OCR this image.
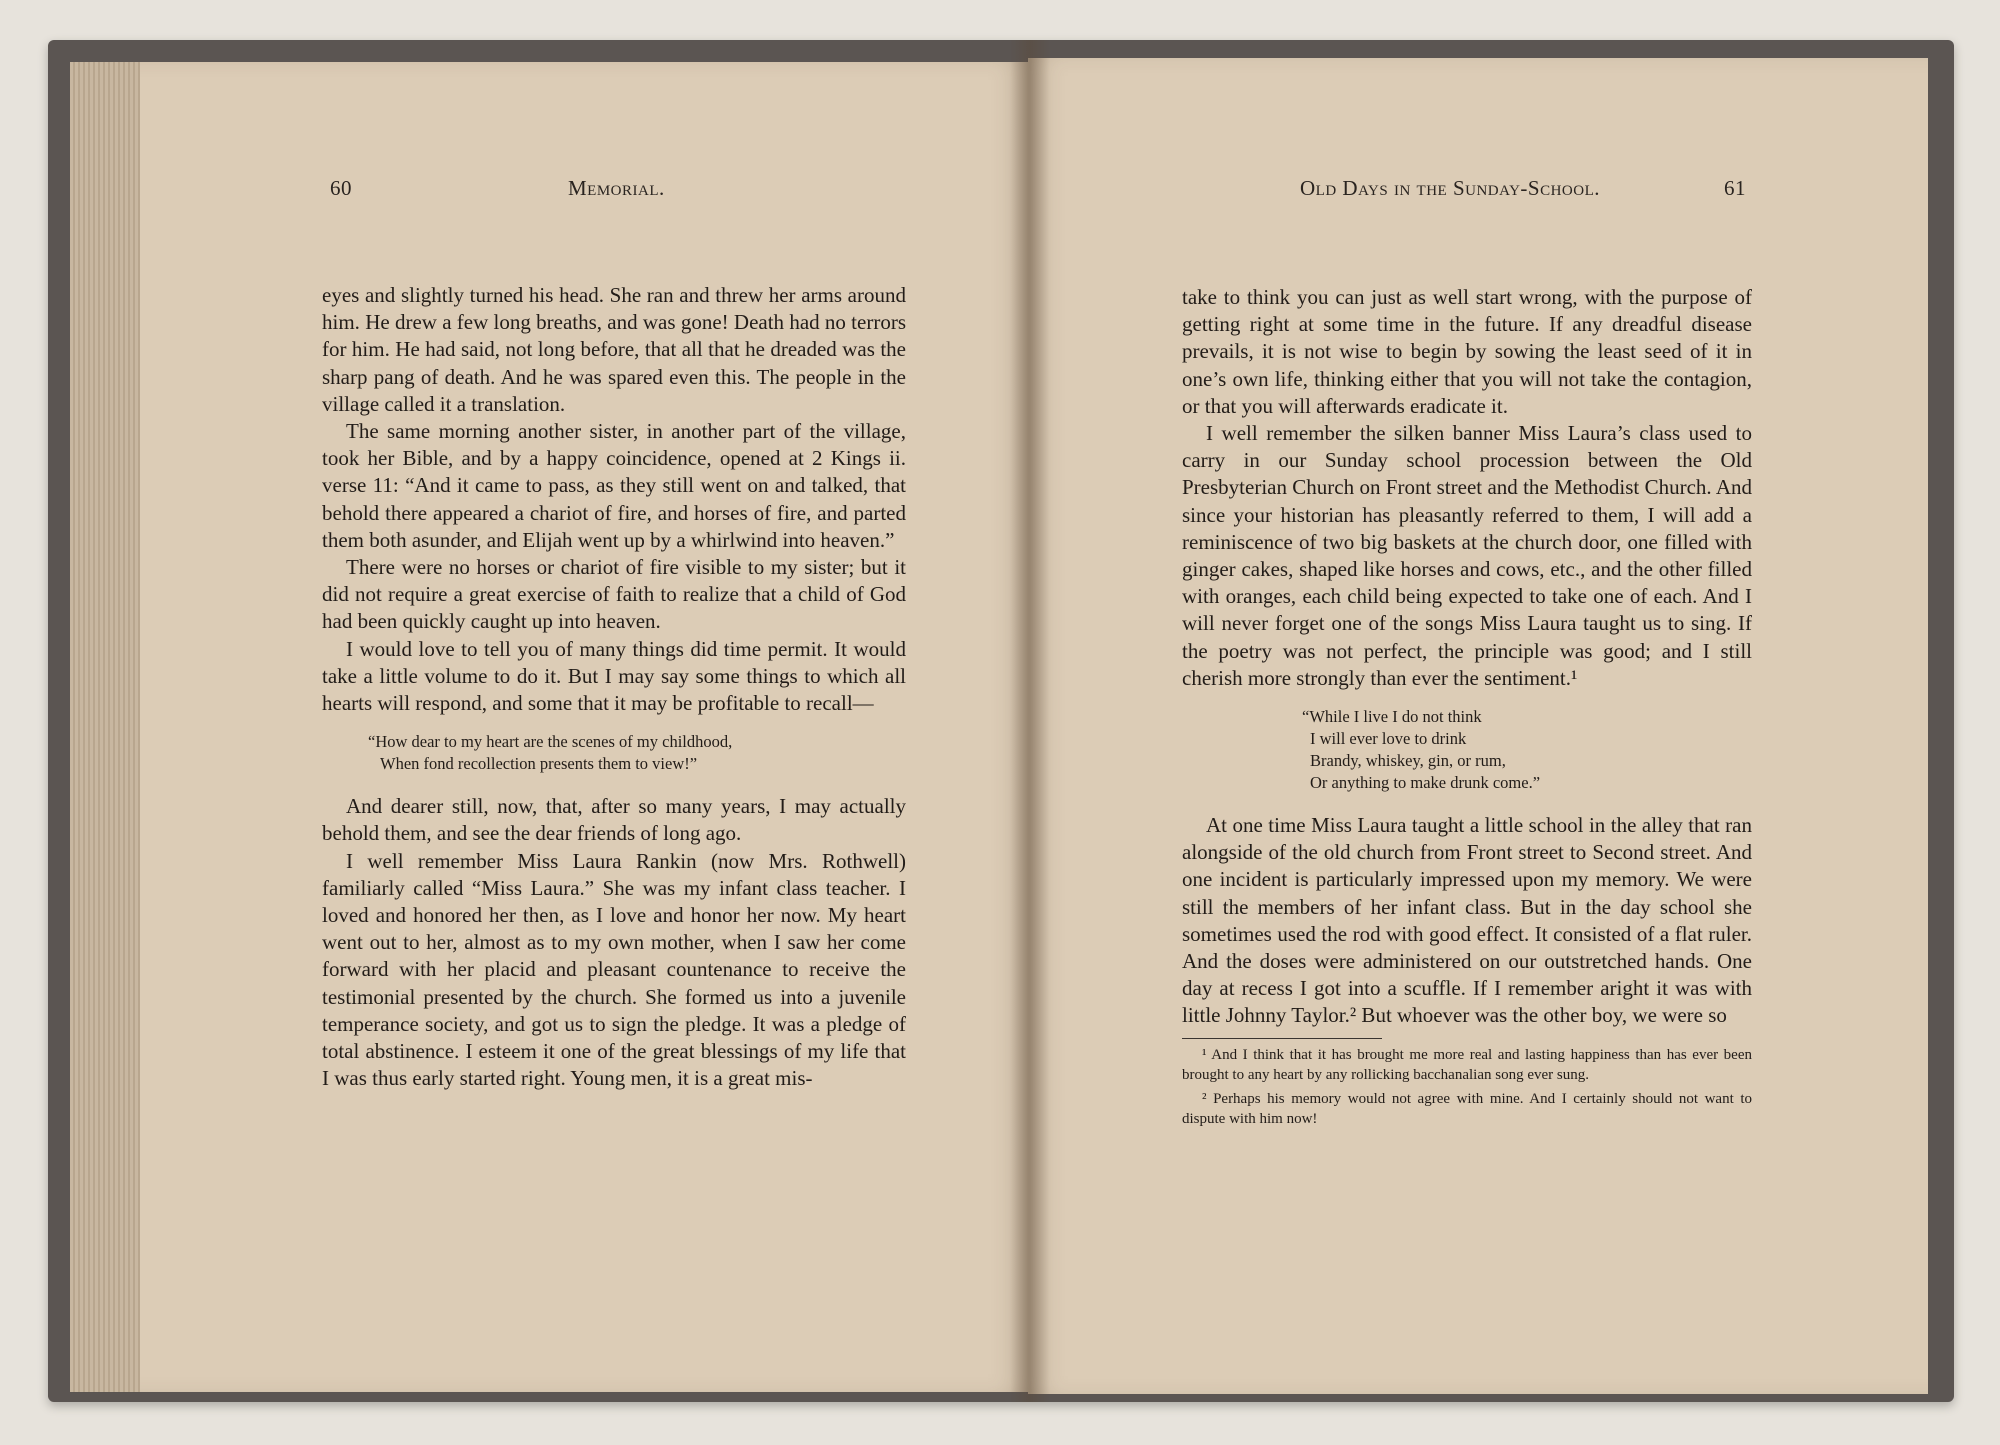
60	Memorial.

eyes and slightly turned his head. She ran and threw her arms around him. He drew a few long breaths, and was gone! Death had no terrors for him. He had said, not long before, that all that he dreaded was the sharp pang of death. And he was spared even this. The people in the village called it a translation.

The same morning another sister, in another part of the village, took her Bible, and by a happy coincidence, opened at 2 Kings ii. verse 11: “And it came to pass, as they still went on and talked, that behold there appeared a chariot of fire, and horses of fire, and parted them both asunder, and Elijah went up by a whirlwind into heaven.”

There were no horses or chariot of fire visible to my sister; but it did not require a great exercise of faith to realize that a child of God had been quickly caught up into heaven.

I would love to tell you of many things did time permit. It would take a little volume to do it. But I may say some things to which all hearts will respond, and some that it may be profitable to recall—

“How dear to my heart are the scenes of my childhood,
When fond recollection presents them to view!”

And dearer still, now, that, after so many years, I may actually behold them, and see the dear friends of long ago.

I well remember Miss Laura Rankin (now Mrs. Rothwell) familiarly called “Miss Laura.” She was my infant class teacher. I loved and honored her then, as I love and honor her now. My heart went out to her, almost as to my own mother, when I saw her come forward with her placid and pleasant countenance to receive the testimonial presented by the church. She formed us into a juvenile temperance society, and got us to sign the pledge. It was a pledge of total abstinence. I esteem it one of the great blessings of my life that I was thus early started right. Young men, it is a great mis-

Old Days in the Sunday-School.	61

take to think you can just as well start wrong, with the purpose of getting right at some time in the future. If any dreadful disease prevails, it is not wise to begin by sowing the least seed of it in one’s own life, thinking either that you will not take the contagion, or that you will afterwards eradicate it.

I well remember the silken banner Miss Laura’s class used to carry in our Sunday school procession between the Old Presbyterian Church on Front street and the Methodist Church. And since your historian has pleasantly referred to them, I will add a reminiscence of two big baskets at the church door, one filled with ginger cakes, shaped like horses and cows, etc., and the other filled with oranges, each child being expected to take one of each. And I will never forget one of the songs Miss Laura taught us to sing. If the poetry was not perfect, the principle was good; and I still cherish more strongly than ever the sentiment.¹

“While I live I do not think
I will ever love to drink
Brandy, whiskey, gin, or rum,
Or anything to make drunk come.”

At one time Miss Laura taught a little school in the alley that ran alongside of the old church from Front street to Second street. And one incident is particularly impressed upon my memory. We were still the members of her infant class. But in the day school she sometimes used the rod with good effect. It consisted of a flat ruler. And the doses were administered on our outstretched hands. One day at recess I got into a scuffle. If I remember aright it was with little Johnny Taylor.² But whoever was the other boy, we were so

¹ And I think that it has brought me more real and lasting happiness than has ever been brought to any heart by any rollicking bacchanalian song ever sung.

² Perhaps his memory would not agree with mine. And I certainly should not want to dispute with him now!
